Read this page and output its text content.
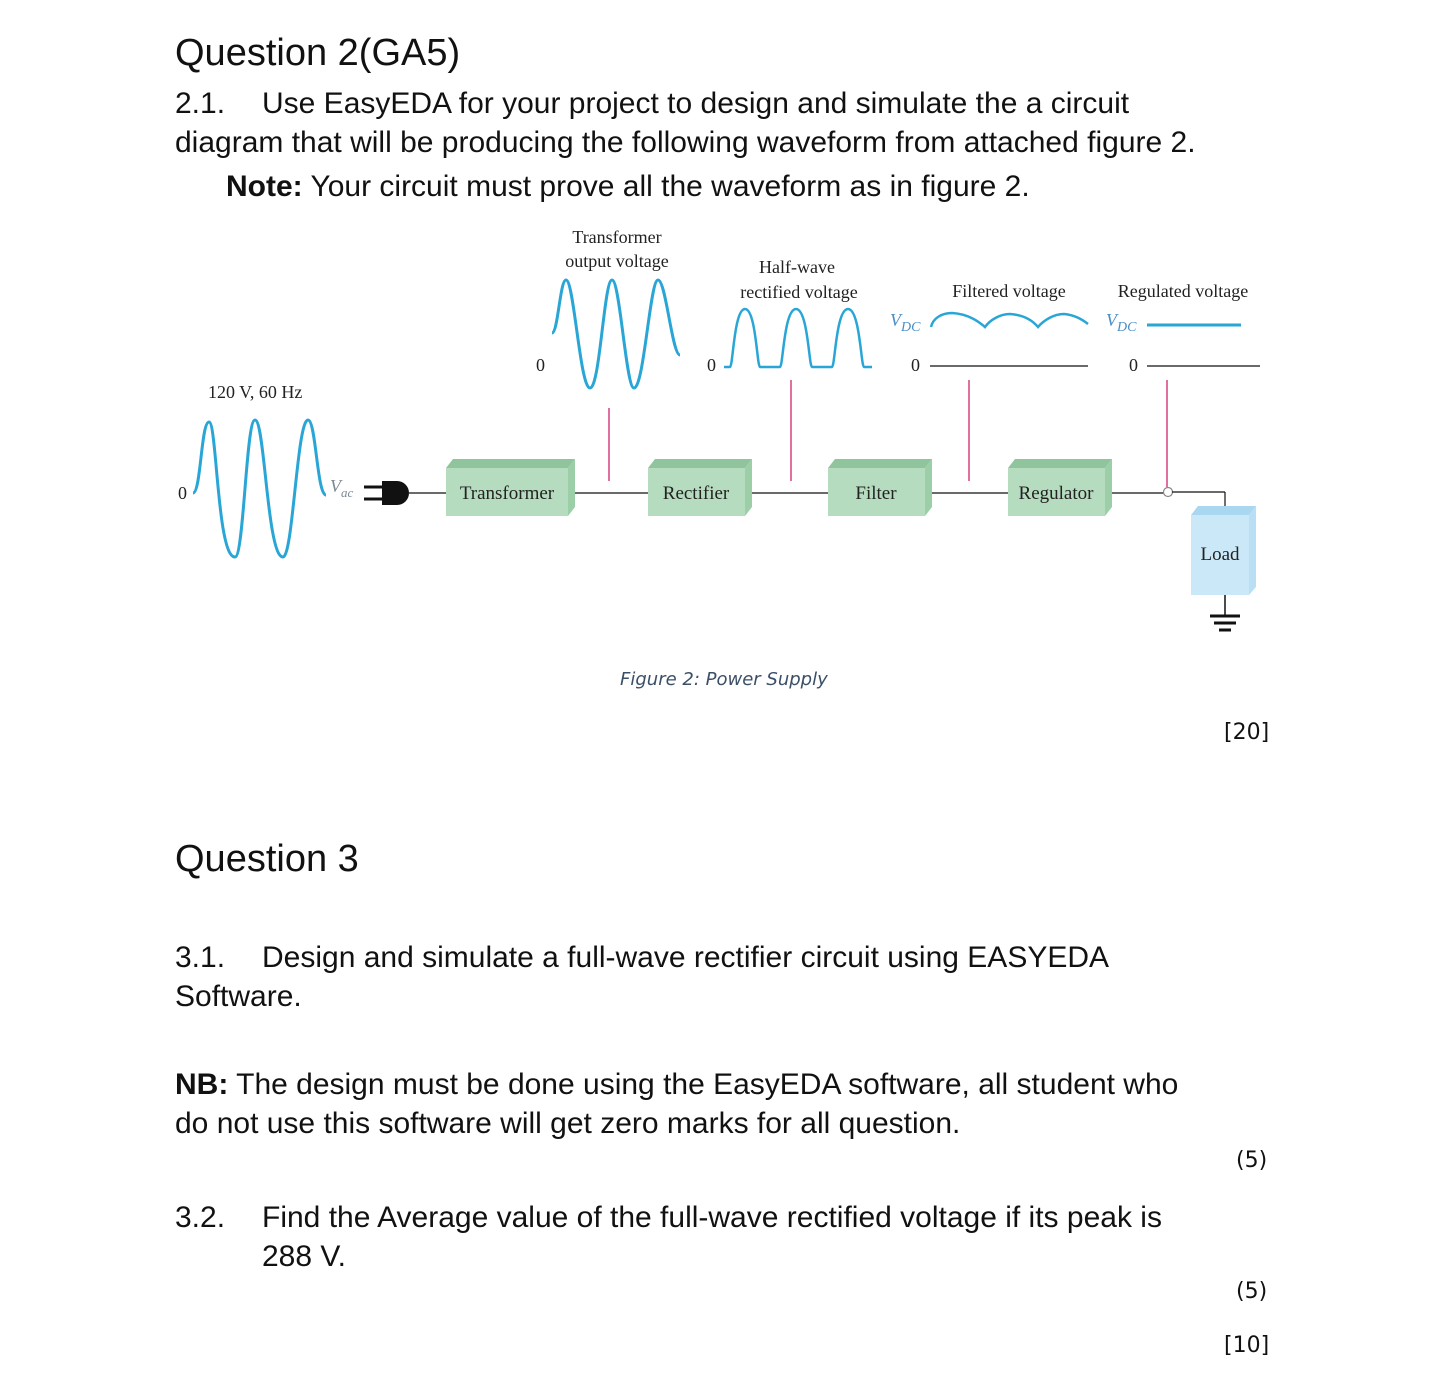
Question 2(GA5)
2.1. Use EasyEDA for your project to design and simulate the a circuit
diagram that will be producing the following waveform from attached figure 2.
Note: Your circuit must prove all the waveform as in figure 2.
120 V, 60 Hz
0	$V_{ac}$	Transformer	Rectifier	Filter	Regulator
Load
Transformer
output voltage
0
Half-wave
rectified voltage
0
Filtered voltage
$V_{DC}$
0
Regulated voltage
$V_{DC}$
0
Figure 2: Power Supply
[20]
Question 3
3.1. Design and simulate a full-wave rectifier circuit using EASYEDA
Software.
NB: The design must be done using the EasyEDA software, all student who
do not use this software will get zero marks for all question.
(5)
3.2. Find the Average value of the full-wave rectified voltage if its peak is
288 V.
(5)
[10]
